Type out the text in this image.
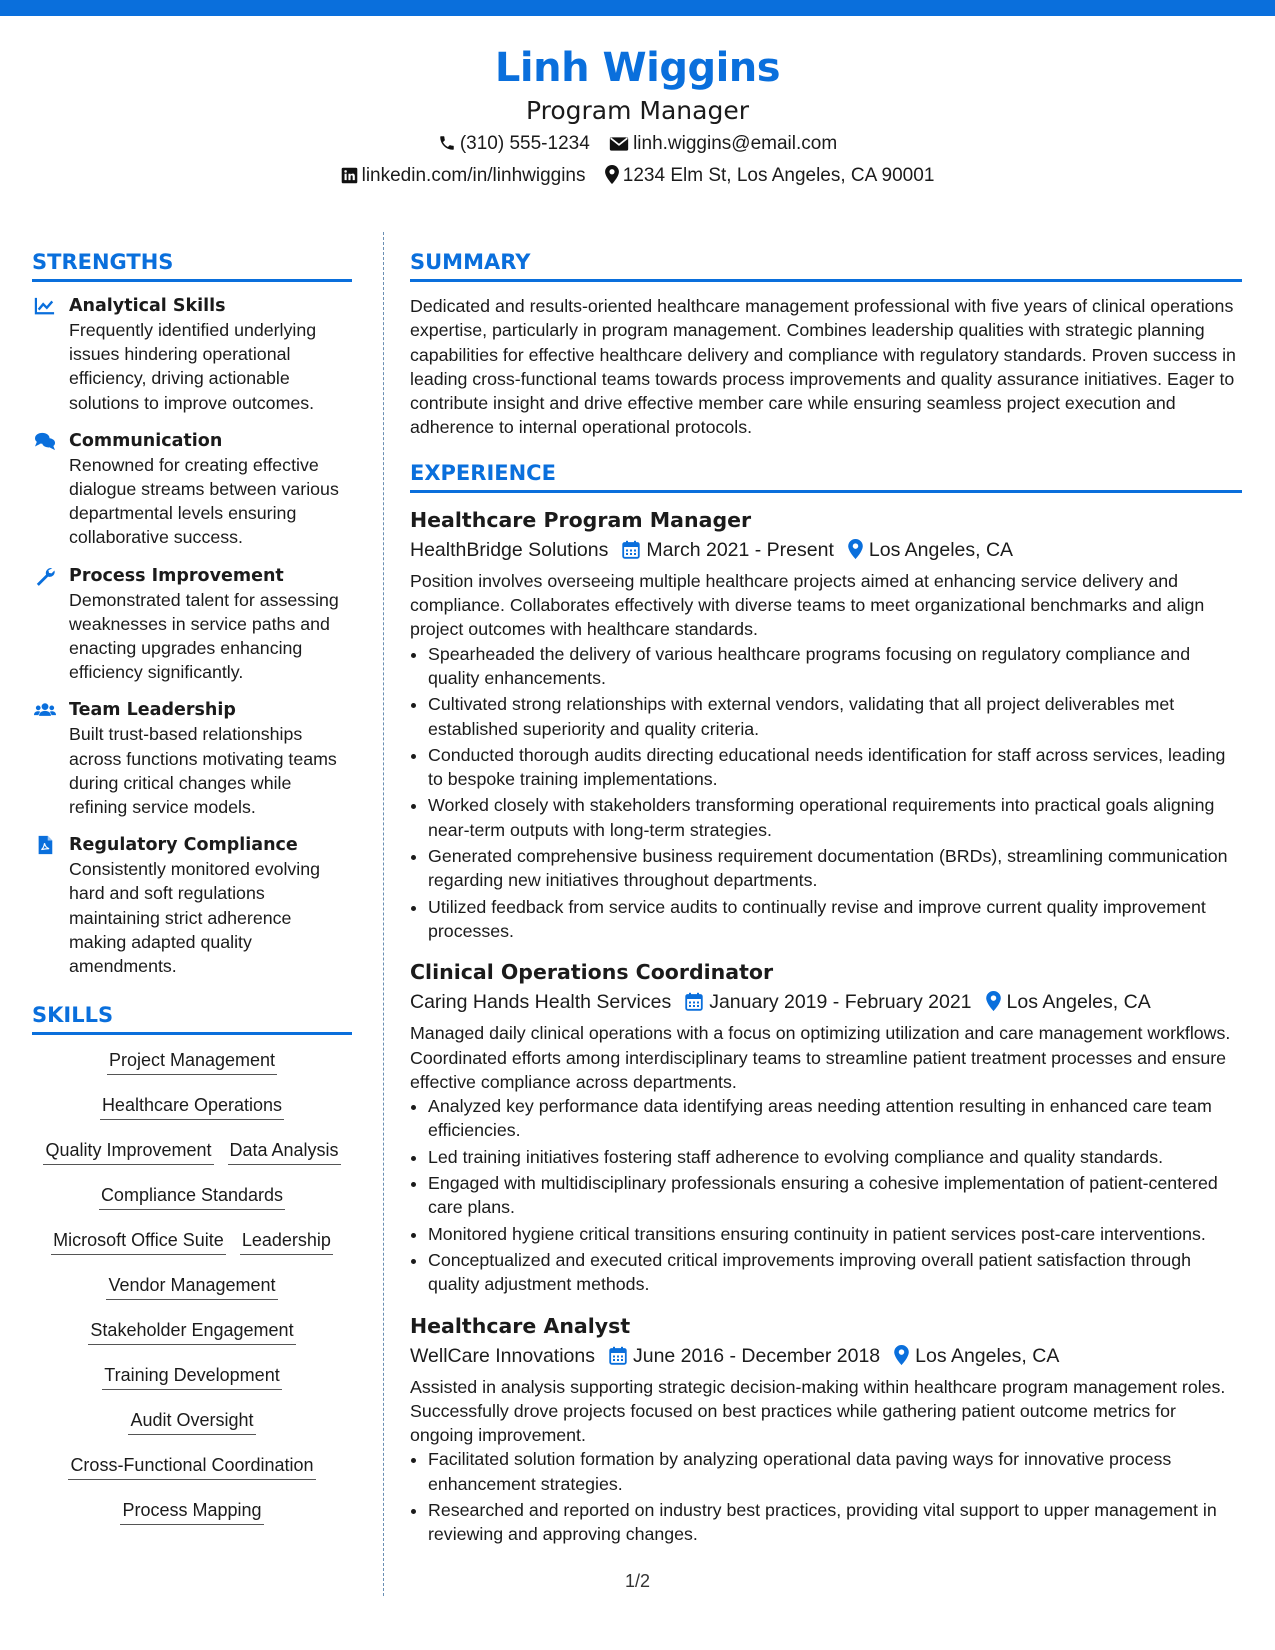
Linh Wiggins
Program Manager
(310) 555-1234 linh.wiggins@email.com
linkedin.com/in/linhwiggins 1234 Elm St, Los Angeles, CA 90001
STRENGTHS
Analytical Skills
Frequently identified underlying issues hindering operational efficiency, driving actionable solutions to improve outcomes.
Communication
Renowned for creating effective dialogue streams between various departmental levels ensuring collaborative success.
Process Improvement
Demonstrated talent for assessing weaknesses in service paths and enacting upgrades enhancing efficiency significantly.
Team Leadership
Built trust-based relationships across functions motivating teams during critical changes while refining service models.
Regulatory Compliance
Consistently monitored evolving hard and soft regulations maintaining strict adherence making adapted quality amendments.
SKILLS
Project Management
Healthcare Operations
Quality Improvement Data Analysis
Compliance Standards
Microsoft Office Suite Leadership
Vendor Management
Stakeholder Engagement
Training Development
Audit Oversight
Cross-Functional Coordination
Process Mapping
SUMMARY
Dedicated and results-oriented healthcare management professional with five years of clinical operations expertise, particularly in program management. Combines leadership qualities with strategic planning capabilities for effective healthcare delivery and compliance with regulatory standards. Proven success in leading cross-functional teams towards process improvements and quality assurance initiatives. Eager to contribute insight and drive effective member care while ensuring seamless project execution and adherence to internal operational protocols.
EXPERIENCE
Healthcare Program Manager
HealthBridge Solutions March 2021 - Present Los Angeles, CA
Position involves overseeing multiple healthcare projects aimed at enhancing service delivery and compliance. Collaborates effectively with diverse teams to meet organizational benchmarks and align project outcomes with healthcare standards.
• Spearheaded the delivery of various healthcare programs focusing on regulatory compliance and quality enhancements.
• Cultivated strong relationships with external vendors, validating that all project deliverables met established superiority and quality criteria.
• Conducted thorough audits directing educational needs identification for staff across services, leading to bespoke training implementations.
• Worked closely with stakeholders transforming operational requirements into practical goals aligning near-term outputs with long-term strategies.
• Generated comprehensive business requirement documentation (BRDs), streamlining communication regarding new initiatives throughout departments.
• Utilized feedback from service audits to continually revise and improve current quality improvement processes.
Clinical Operations Coordinator
Caring Hands Health Services January 2019 - February 2021 Los Angeles, CA
Managed daily clinical operations with a focus on optimizing utilization and care management workflows. Coordinated efforts among interdisciplinary teams to streamline patient treatment processes and ensure effective compliance across departments.
• Analyzed key performance data identifying areas needing attention resulting in enhanced care team efficiencies.
• Led training initiatives fostering staff adherence to evolving compliance and quality standards.
• Engaged with multidisciplinary professionals ensuring a cohesive implementation of patient-centered care plans.
• Monitored hygiene critical transitions ensuring continuity in patient services post-care interventions.
• Conceptualized and executed critical improvements improving overall patient satisfaction through quality adjustment methods.
Healthcare Analyst
WellCare Innovations June 2016 - December 2018 Los Angeles, CA
Assisted in analysis supporting strategic decision-making within healthcare program management roles. Successfully drove projects focused on best practices while gathering patient outcome metrics for ongoing improvement.
• Facilitated solution formation by analyzing operational data paving ways for innovative process enhancement strategies.
• Researched and reported on industry best practices, providing vital support to upper management in reviewing and approving changes.
1/2
